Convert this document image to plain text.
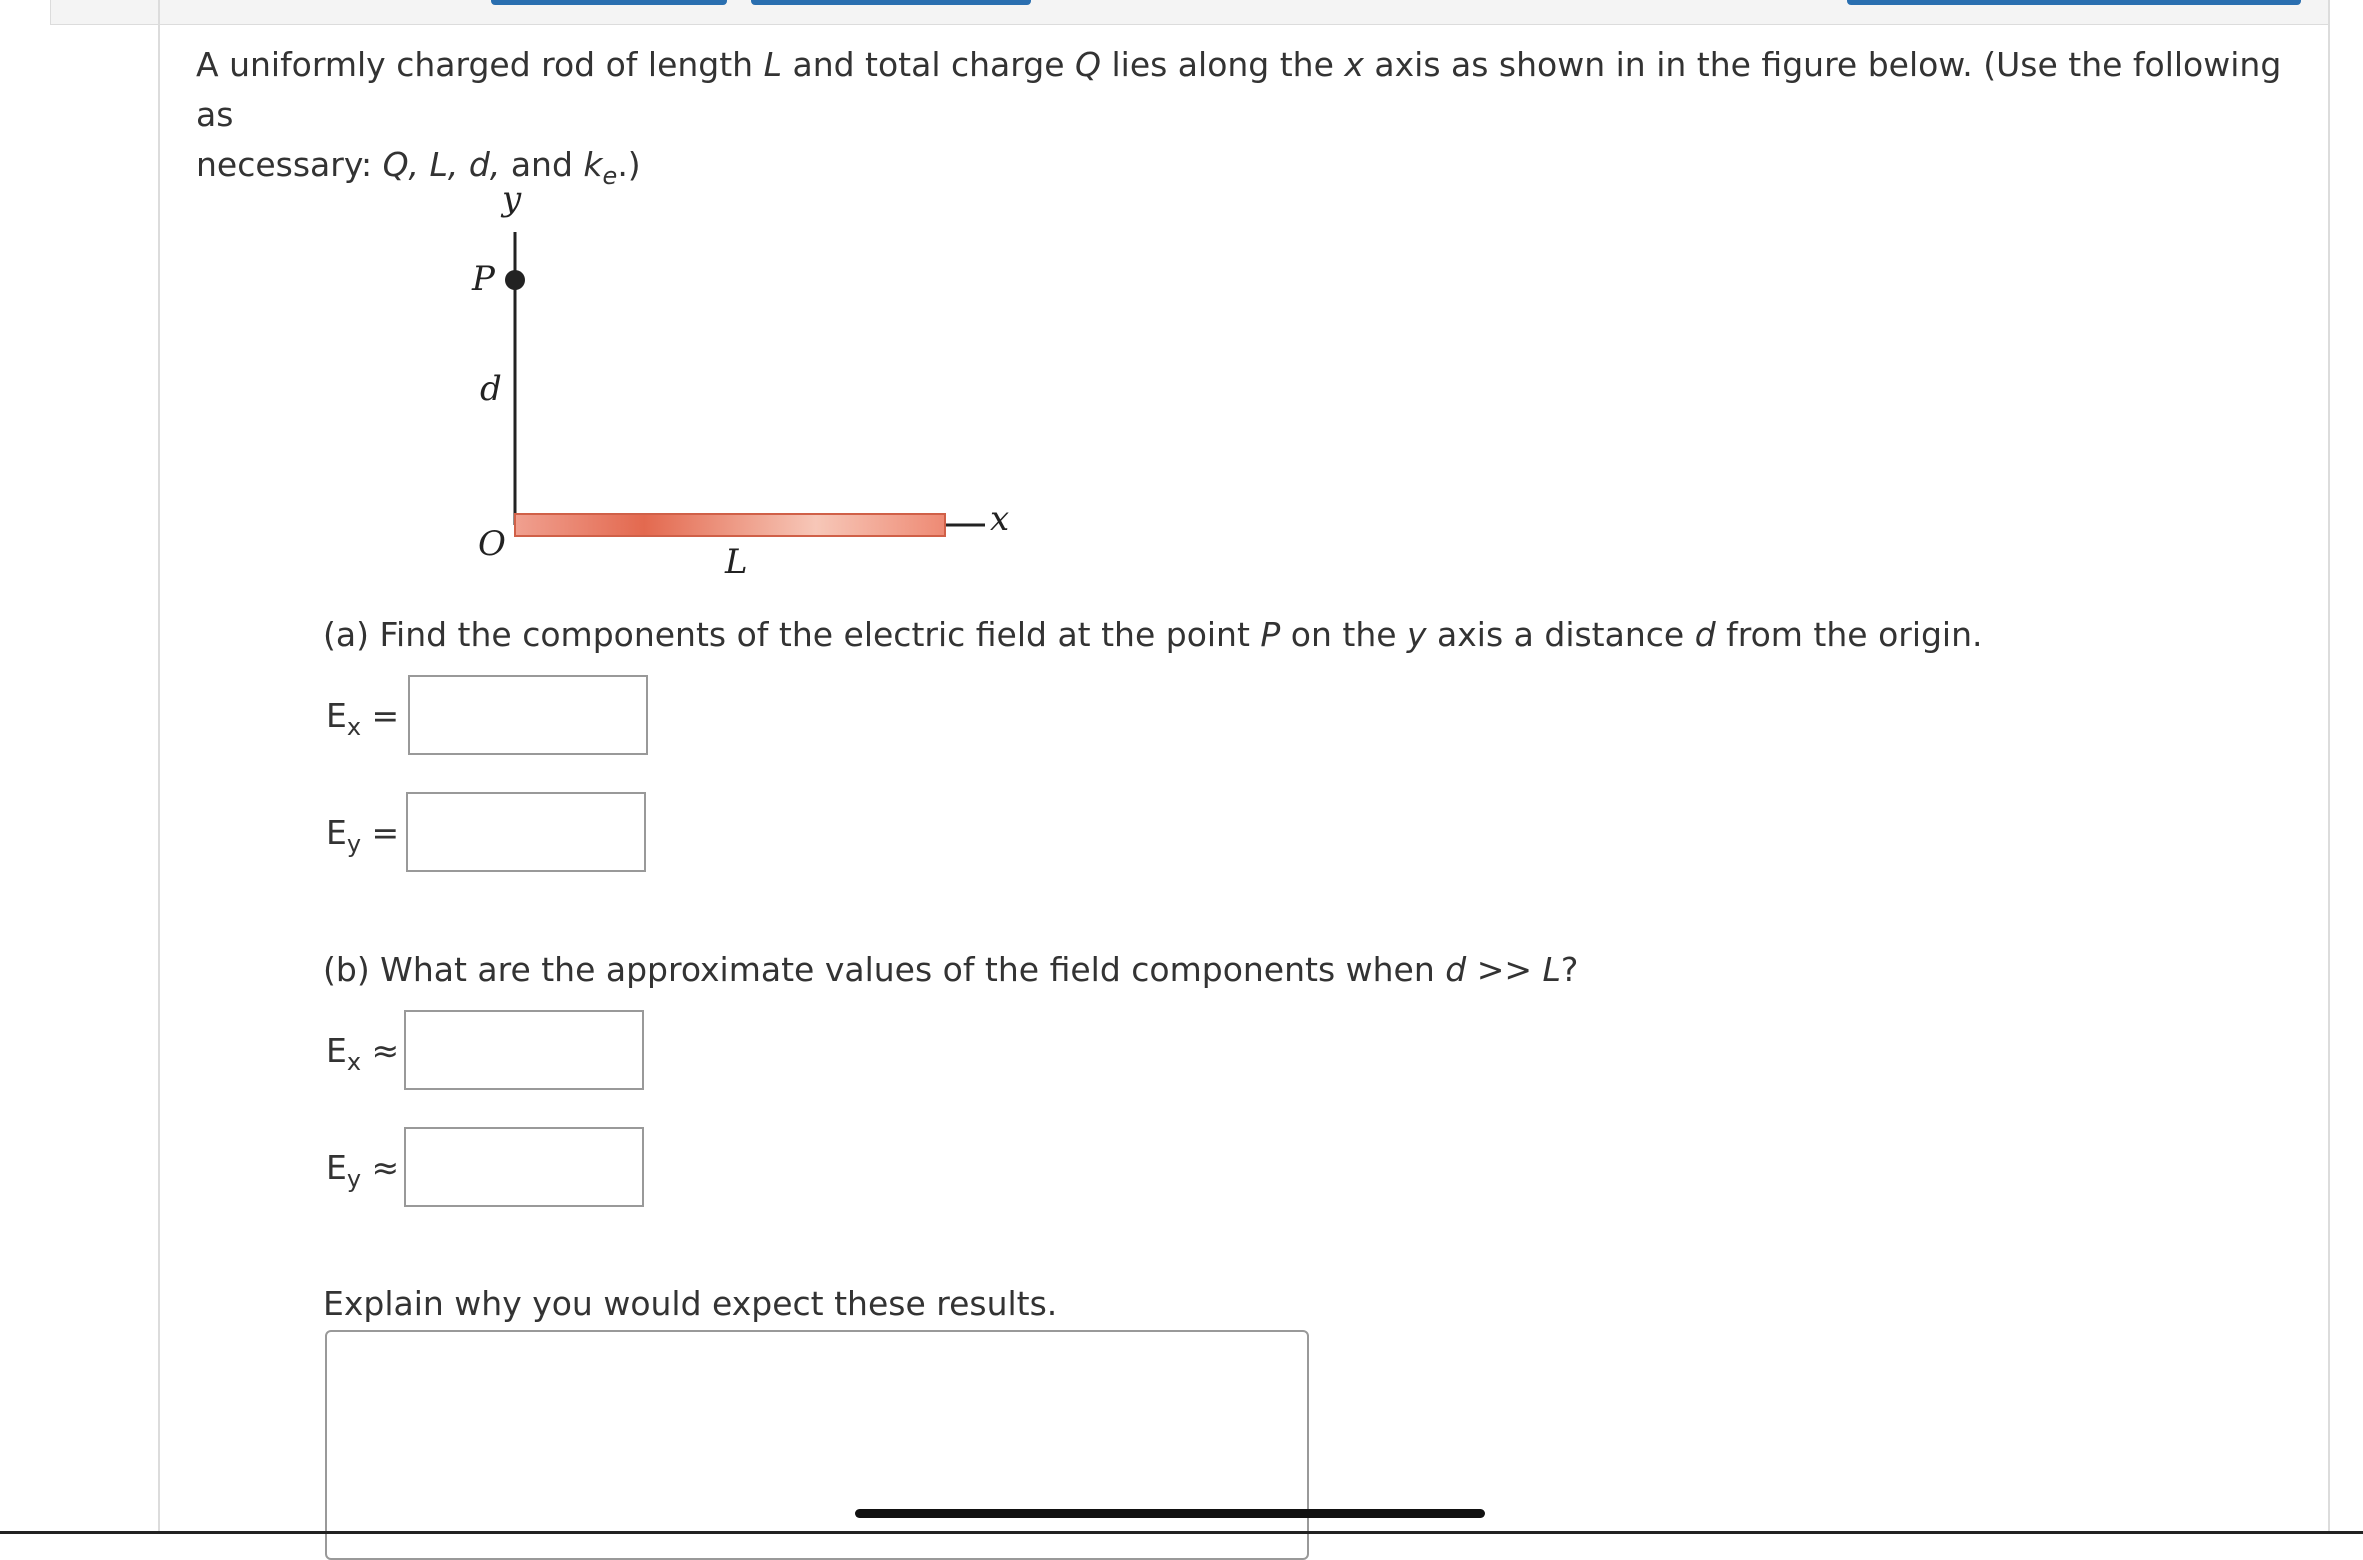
A uniformly charged rod of length L and total charge Q lies along the x axis as shown in in the figure below. (Use the following as
necessary: Q, L, d, and $k_e$.)
y
P
d
O	L
x
(a) Find the components of the electric field at the point P on the y axis a distance d from the origin.
$E_x$ =
$E_y$ =
(b) What are the approximate values of the field components when d >> L?
$E_x$ ≈
$E_y$ ≈
Explain why you would expect these results.
